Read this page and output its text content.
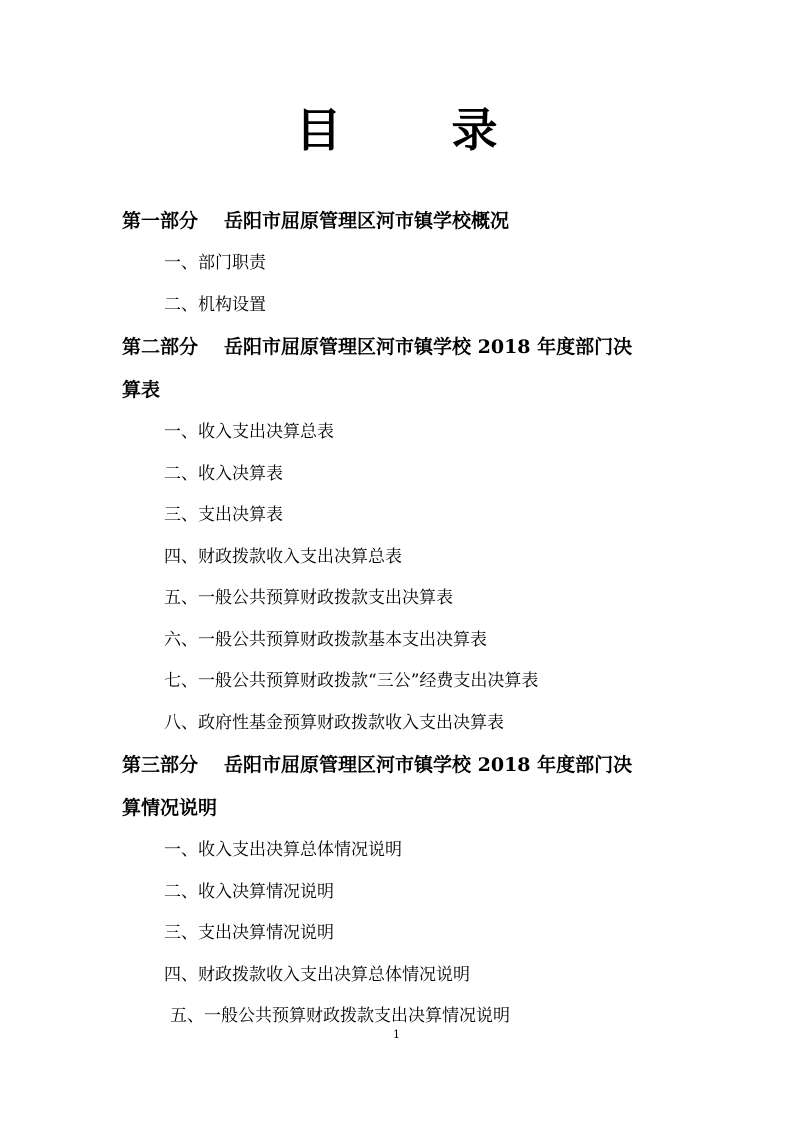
目录

第一部分 岳阳市屈原管理区河市镇学校概况

一、部门职责

二、机构设置

第二部分 岳阳市屈原管理区河市镇学校 2018 年度部门决

算表

一、收入支出决算总表

二、收入决算表

三、支出决算表

四、财政拨款收入支出决算总表

五、一般公共预算财政拨款支出决算表

六、一般公共预算财政拨款基本支出决算表

七、一般公共预算财政拨款“三公”经费支出决算表

八、政府性基金预算财政拨款收入支出决算表

第三部分 岳阳市屈原管理区河市镇学校 2018 年度部门决

算情况说明

一、收入支出决算总体情况说明

二、收入决算情况说明

三、支出决算情况说明

四、财政拨款收入支出决算总体情况说明

五、一般公共预算财政拨款支出决算情况说明

1
